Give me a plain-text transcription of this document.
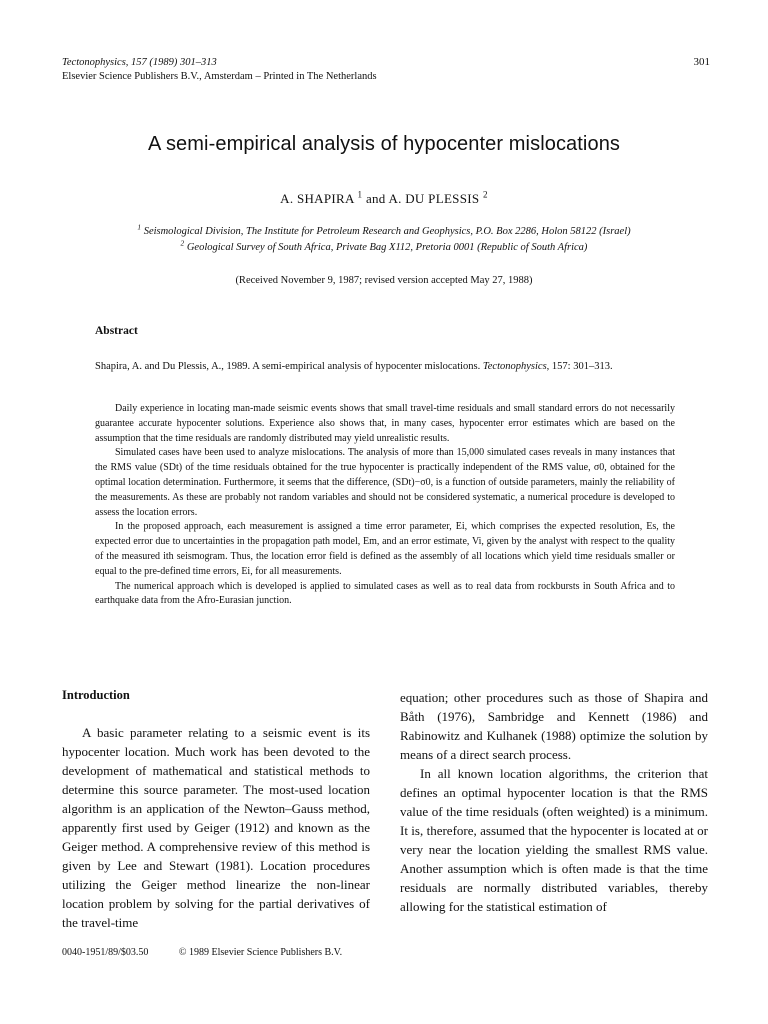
Tectonophysics, 157 (1989) 301–313
Elsevier Science Publishers B.V., Amsterdam – Printed in The Netherlands
301
A semi-empirical analysis of hypocenter mislocations
A. SHAPIRA $^1$ and A. DU PLESSIS $^2$
$^1$ Seismological Division, The Institute for Petroleum Research and Geophysics, P.O. Box 2286, Holon 58122 (Israel)
$^2$ Geological Survey of South Africa, Private Bag X112, Pretoria 0001 (Republic of South Africa)
(Received November 9, 1987; revised version accepted May 27, 1988)
Abstract
Shapira, A. and Du Plessis, A., 1989. A semi-empirical analysis of hypocenter mislocations. Tectonophysics, 157: 301–313.

Daily experience in locating man-made seismic events shows that small travel-time residuals and small standard errors do not necessarily guarantee accurate hypocenter solutions. Experience also shows that, in many cases, hypocenter error estimates which are based on the assumption that the time residuals are randomly distributed may yield unrealistic results.

Simulated cases have been used to analyze mislocations. The analysis of more than 15,000 simulated cases reveals in many instances that the RMS value (SDt) of the time residuals obtained for the true hypocenter is practically independent of the RMS value, σ0, obtained for the optimal location determination. Furthermore, it seems that the difference, (SDt)−σ0, is a function of outside parameters, mainly the reliability of the measurements. As these are probably not random variables and should not be considered systematic, a numerical procedure is developed to assess the location errors.

In the proposed approach, each measurement is assigned a time error parameter, Ei, which comprises the expected resolution, Es, the expected error due to uncertainties in the propagation path model, Em, and an error estimate, Vi, given by the analyst with respect to the quality of the measured ith seismogram. Thus, the location error field is defined as the assembly of all locations which yield time residuals smaller or equal to the pre-defined time errors, Ei, for all measurements.

The numerical approach which is developed is applied to simulated cases as well as to real data from rockbursts in South Africa and to earthquake data from the Afro-Eurasian junction.

Introduction

A basic parameter relating to a seismic event is its hypocenter location. Much work has been devoted to the development of mathematical and statistical methods to determine this source parameter. The most-used location algorithm is an application of the Newton–Gauss method, apparently first used by Geiger (1912) and known as the Geiger method. A comprehensive review of this method is given by Lee and Stewart (1981). Location procedures utilizing the Geiger method linearize the non-linear location problem by solving for the partial derivatives of the travel-time

equation; other procedures such as those of Shapira and Båth (1976), Sambridge and Kennett (1986) and Rabinowitz and Kulhanek (1988) optimize the solution by means of a direct search process.

In all known location algorithms, the criterion that defines an optimal hypocenter location is that the RMS value of the time residuals (often weighted) is a minimum. It is, therefore, assumed that the hypocenter is located at or very near the location yielding the smallest RMS value. Another assumption which is often made is that the time residuals are normally distributed variables, thereby allowing for the statistical estimation of

0040-1951/89/$03.50	© 1989 Elsevier Science Publishers B.V.
